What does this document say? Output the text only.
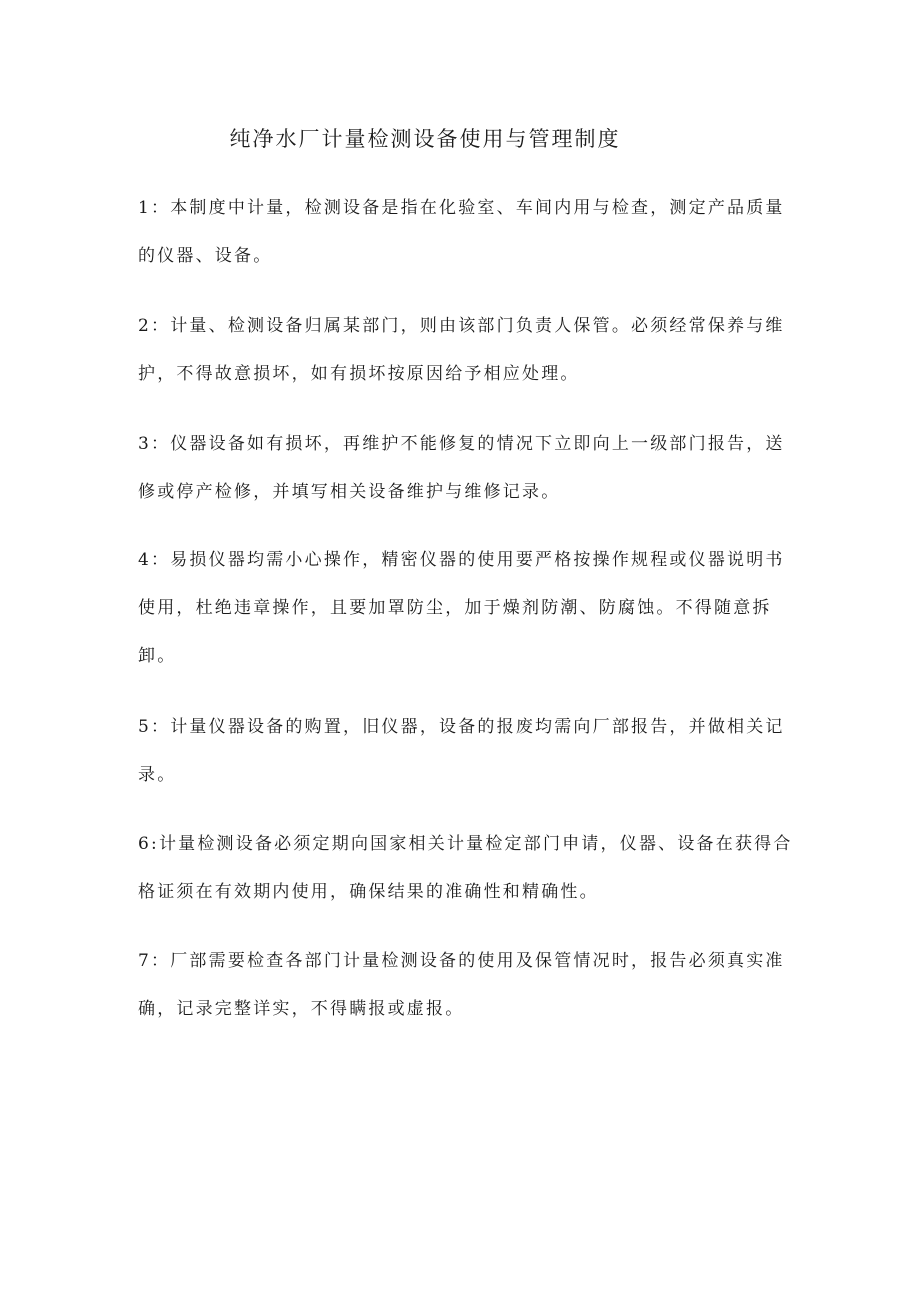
纯净水厂计量检测设备使用与管理制度

1：本制度中计量，检测设备是指在化验室、车间内用与检查，测定产品质量的仪器、设备。

2：计量、检测设备归属某部门，则由该部门负责人保管。必须经常保养与维护，不得故意损坏，如有损坏按原因给予相应处理。

3：仪器设备如有损坏，再维护不能修复的情况下立即向上一级部门报告，送修或停产检修，并填写相关设备维护与维修记录。

4：易损仪器均需小心操作，精密仪器的使用要严格按操作规程或仪器说明书使用，杜绝违章操作，且要加罩防尘，加于燥剂防潮、防腐蚀。不得随意拆卸。

5：计量仪器设备的购置，旧仪器，设备的报废均需向厂部报告，并做相关记录。

6:计量检测设备必须定期向国家相关计量检定部门申请，仪器、设备在获得合格证须在有效期内使用，确保结果的准确性和精确性。

7：厂部需要检查各部门计量检测设备的使用及保管情况时，报告必须真实准确，记录完整详实，不得瞒报或虚报。
